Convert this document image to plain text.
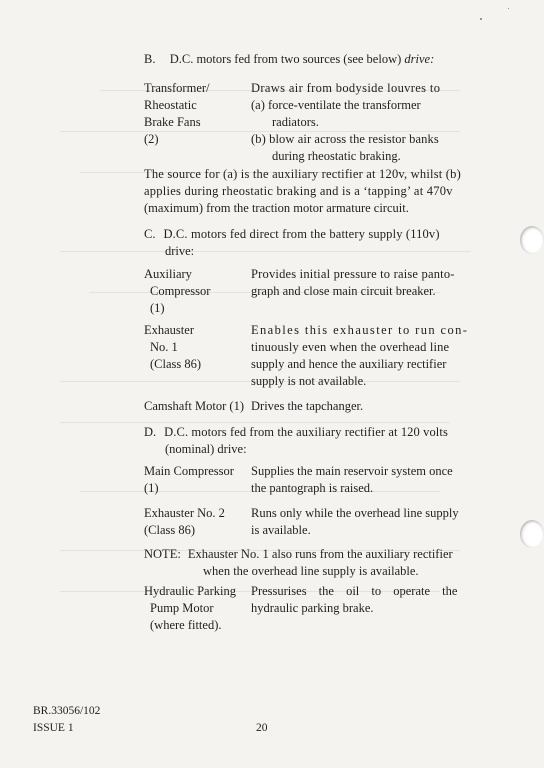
B. D.C. motors fed from two sources (see below) drive:
Transformer/
Rheostatic
Brake Fans
(2)
Draws air from bodyside louvres to
(a) force-ventilate the transformer
radiators.
(b) blow air across the resistor banks
during rheostatic braking.
The source for (a) is the auxiliary rectifier at 120v, whilst (b)
applies during rheostatic braking and is a ‘tapping’ at 470v
(maximum) from the traction motor armature circuit.
C. D.C. motors fed direct from the battery supply (110v)
drive:
Auxiliary
Compressor
(1)
Provides initial pressure to raise panto-
graph and close main circuit breaker.
Exhauster
No. 1
(Class 86)
Enables this exhauster to run con-
tinuously even when the overhead line
supply and hence the auxiliary rectifier
supply is not available.
Camshaft Motor (1) Drives the tapchanger.
D. D.C. motors fed from the auxiliary rectifier at 120 volts
(nominal) drive:
Main Compressor
(1)
Supplies the main reservoir system once
the pantograph is raised.
Exhauster No. 2
(Class 86)
Runs only while the overhead line supply
is available.
NOTE: Exhauster No. 1 also runs from the auxiliary rectifier
when the overhead line supply is available.
Hydraulic Parking
Pump Motor
(where fitted).
Pressurises the oil to operate the
hydraulic parking brake.
BR.33056/102
ISSUE 1	20
